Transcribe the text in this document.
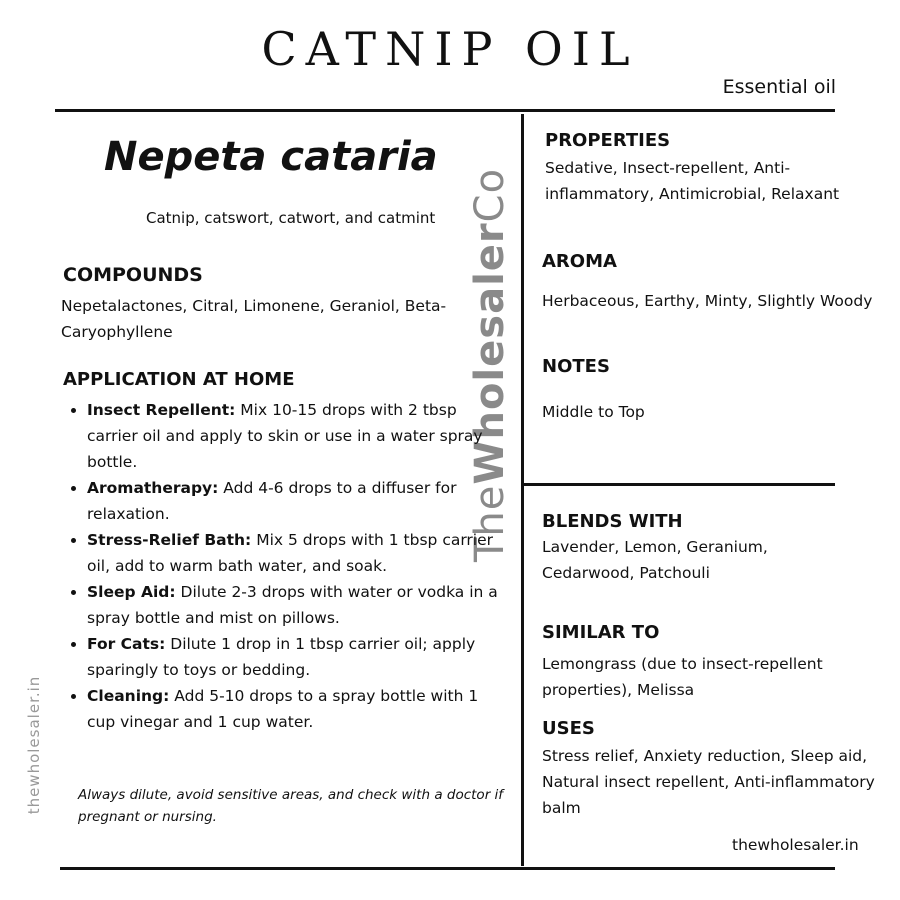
CATNIP OIL
Essential oil
TheWholesalerCo
thewholesaler.in
Nepeta cataria
Catnip, catswort, catwort, and catmint
COMPOUNDS
Nepetalactones, Citral, Limonene, Geraniol, Beta-Caryophyllene
APPLICATION AT HOME
• Insect Repellent: Mix 10-15 drops with 2 tbsp carrier oil and apply to skin or use in a water spray bottle.
• Aromatherapy: Add 4-6 drops to a diffuser for relaxation.
• Stress-Relief Bath: Mix 5 drops with 1 tbsp carrier oil, add to warm bath water, and soak.
• Sleep Aid: Dilute 2-3 drops with water or vodka in a spray bottle and mist on pillows.
• For Cats: Dilute 1 drop in 1 tbsp carrier oil; apply sparingly to toys or bedding.
• Cleaning: Add 5-10 drops to a spray bottle with 1 cup vinegar and 1 cup water.
Always dilute, avoid sensitive areas, and check with a doctor if pregnant or nursing.
PROPERTIES
Sedative, Insect-repellent, Anti-inflammatory, Antimicrobial, Relaxant
AROMA
Herbaceous, Earthy, Minty, Slightly Woody
NOTES
Middle to Top
BLENDS WITH
Lavender, Lemon, Geranium, Cedarwood, Patchouli
SIMILAR TO
Lemongrass (due to insect-repellent properties), Melissa
USES
Stress relief, Anxiety reduction, Sleep aid, Natural insect repellent, Anti-inflammatory balm
thewholesaler.in
